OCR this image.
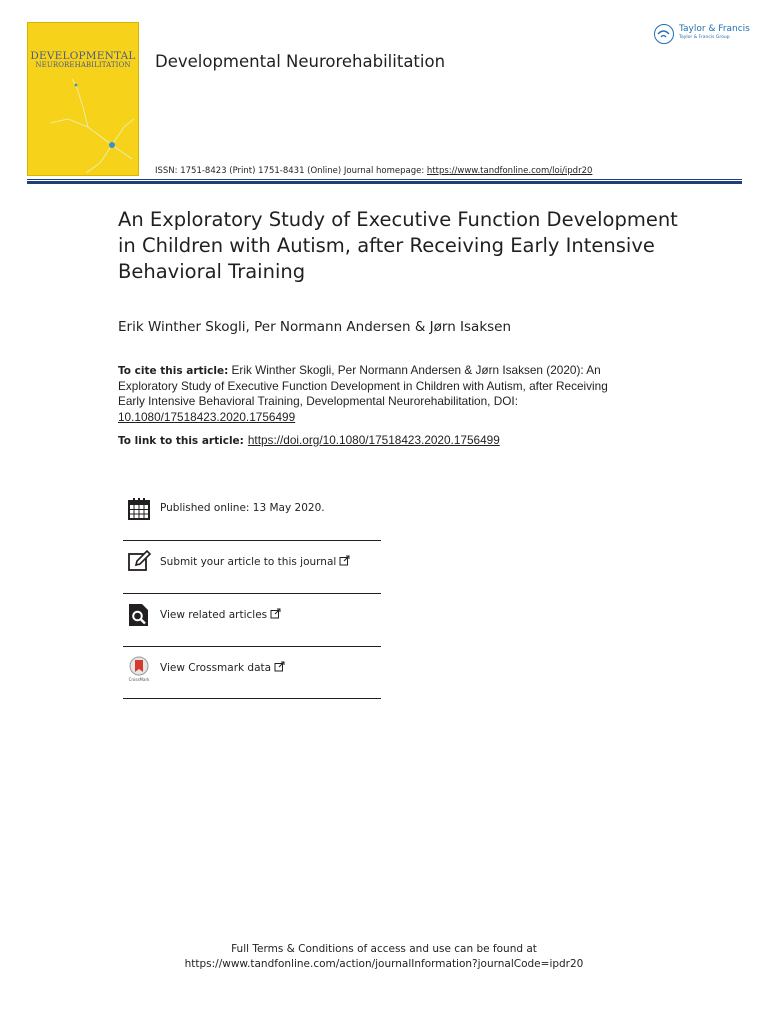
DEVELOPMENTAL
NEUROREHABILITATION	Developmental Neurorehabilitation
Taylor & Francis
Taylor & Francis Group
ISSN: 1751-8423 (Print) 1751-8431 (Online) Journal homepage: https://www.tandfonline.com/loi/ipdr20
An Exploratory Study of Executive Function Development in Children with Autism, after Receiving Early Intensive Behavioral Training
Erik Winther Skogli, Per Normann Andersen & Jørn Isaksen
To cite this article: Erik Winther Skogli, Per Normann Andersen & Jørn Isaksen (2020): An Exploratory Study of Executive Function Development in Children with Autism, after Receiving Early Intensive Behavioral Training, Developmental Neurorehabilitation, DOI: 10.1080/17518423.2020.1756499
To link to this article: https://doi.org/10.1080/17518423.2020.1756499
Published online: 13 May 2020.
Submit your article to this journal
View related articles
CrossMark
View Crossmark data
Full Terms & Conditions of access and use can be found at
https://www.tandfonline.com/action/journalInformation?journalCode=ipdr20
